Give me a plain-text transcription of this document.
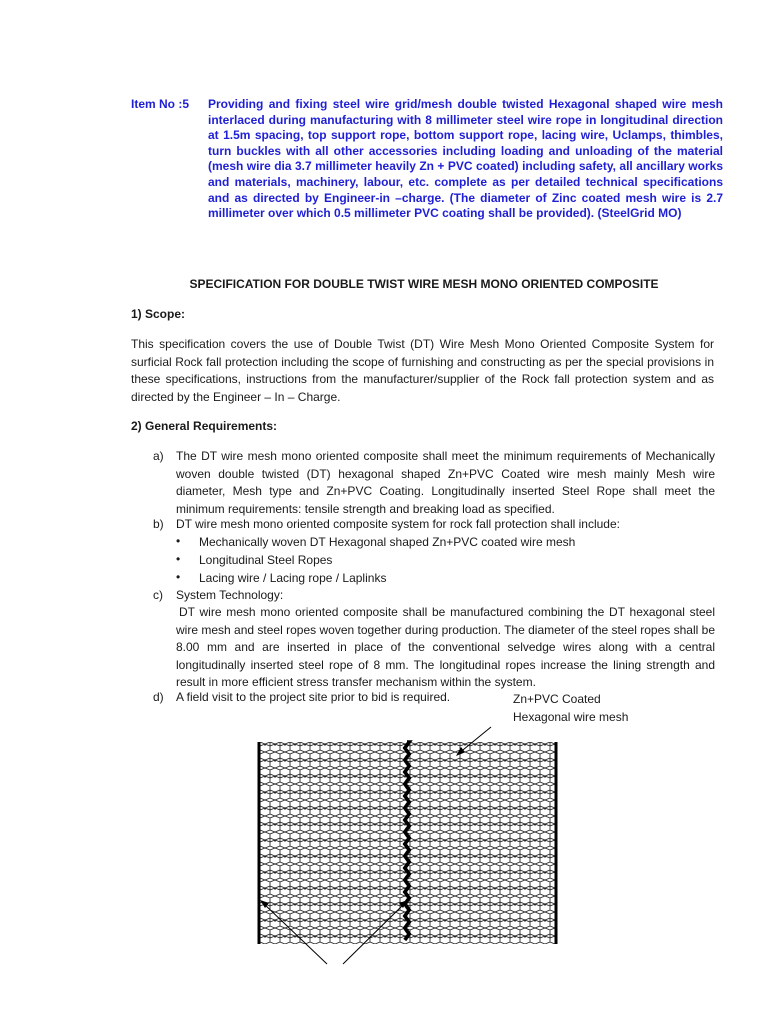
Item No :5 Providing and fixing steel wire grid/mesh double twisted Hexagonal shaped wire mesh interlaced during manufacturing with 8 millimeter steel wire rope in longitudinal direction at 1.5m spacing, top support rope, bottom support rope, lacing wire, Uclamps, thimbles, turn buckles with all other accessories including loading and unloading of the material (mesh wire dia 3.7 millimeter heavily Zn + PVC coated) including safety, all ancillary works and materials, machinery, labour, etc. complete as per detailed technical specifications and as directed by Engineer-in –charge. (The diameter of Zinc coated mesh wire is 2.7 millimeter over which 0.5 millimeter PVC coating shall be provided). (SteelGrid MO)
SPECIFICATION FOR DOUBLE TWIST WIRE MESH MONO ORIENTED COMPOSITE
1) Scope:
This specification covers the use of Double Twist (DT) Wire Mesh Mono Oriented Composite System for surficial Rock fall protection including the scope of furnishing and constructing as per the special provisions in these specifications, instructions from the manufacturer/supplier of the Rock fall protection system and as directed by the Engineer – In – Charge.
2) General Requirements:
a) The DT wire mesh mono oriented composite shall meet the minimum requirements of Mechanically woven double twisted (DT) hexagonal shaped Zn+PVC Coated wire mesh mainly Mesh wire diameter, Mesh type and Zn+PVC Coating. Longitudinally inserted Steel Rope shall meet the minimum requirements: tensile strength and breaking load as specified.
b) DT wire mesh mono oriented composite system for rock fall protection shall include:
• Mechanically woven DT Hexagonal shaped Zn+PVC coated wire mesh
• Longitudinal Steel Ropes
• Lacing wire / Lacing rope / Laplinks
c) System Technology:
DT wire mesh mono oriented composite shall be manufactured combining the DT hexagonal steel wire mesh and steel ropes woven together during production. The diameter of the steel ropes shall be 8.00 mm and are inserted in place of the conventional selvedge wires along with a central longitudinally inserted steel rope of 8 mm. The longitudinal ropes increase the lining strength and result in more efficient stress transfer mechanism within the system.
d) A field visit to the project site prior to bid is required.	Zn+PVC Coated
Hexagonal wire mesh
